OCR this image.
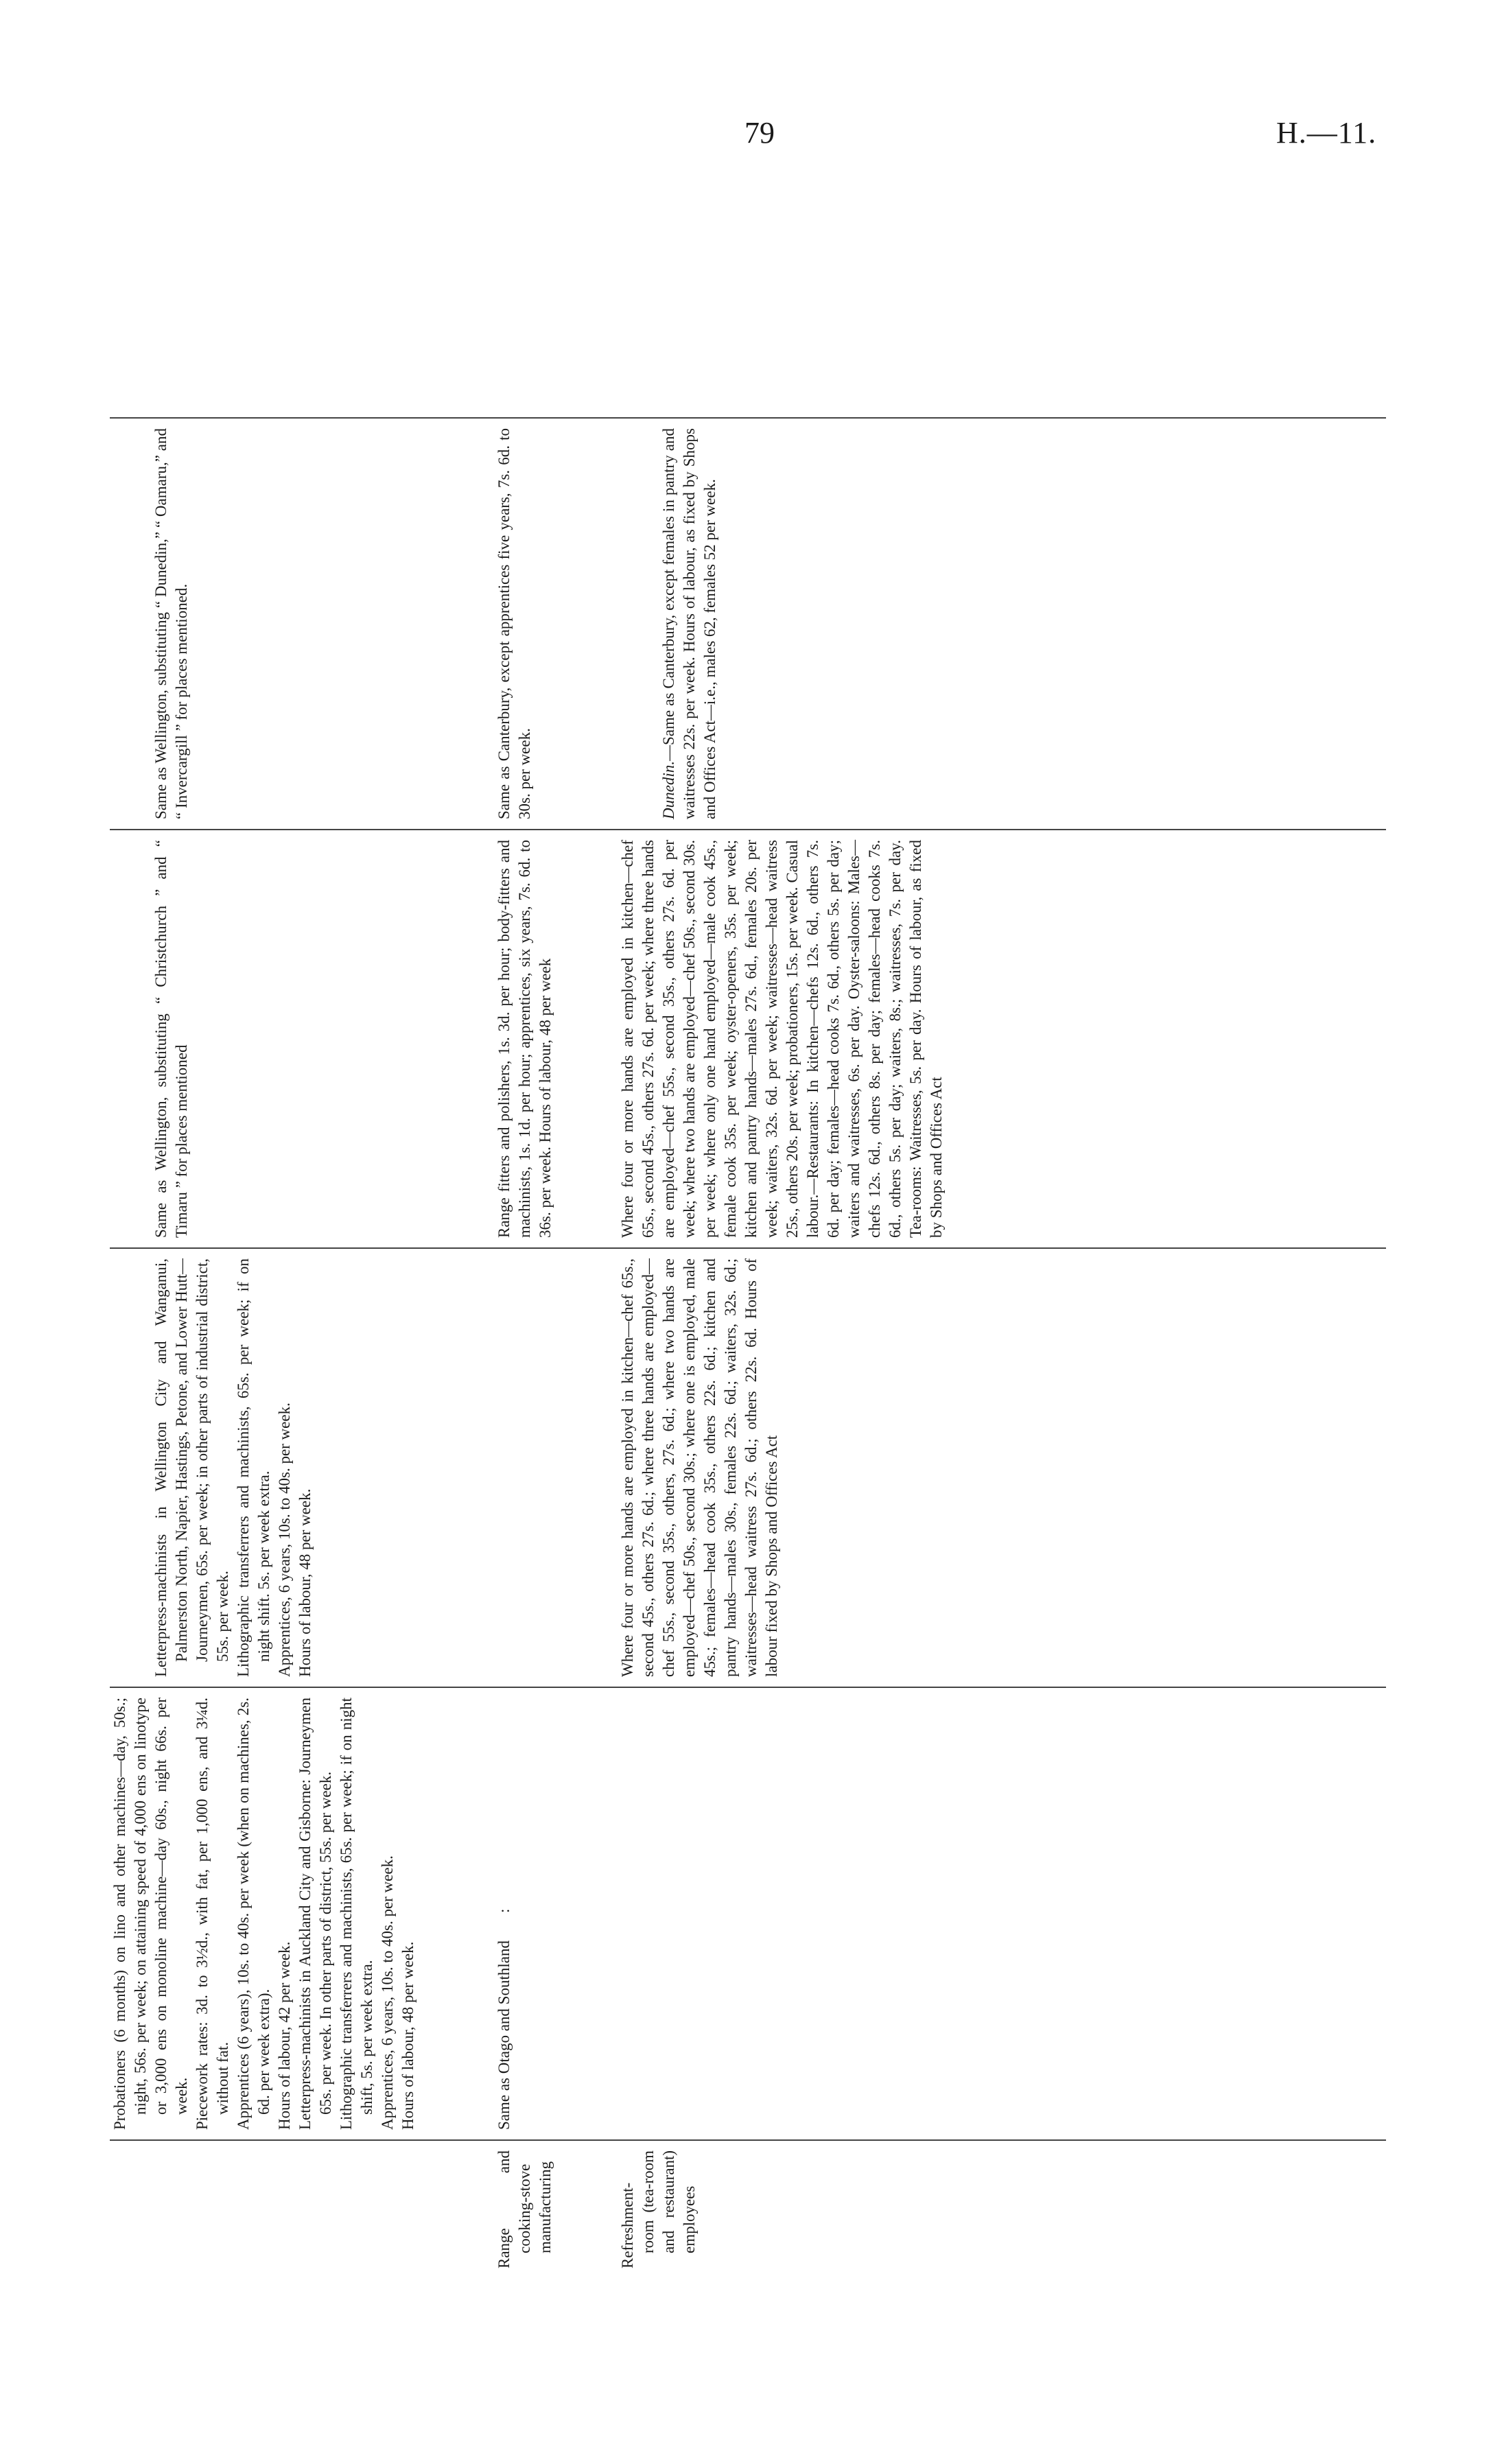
79	H.—11.

Probationers (6 months) on lino and other machines—day, 50s.; night, 56s. per week; on attaining speed of 4,000 ens on linotype or 3,000 ens on monoline machine—day 60s., night 66s. per week. Piecework rates: 3d. to 3½d., with fat, per 1,000 ens, and 3¼d. without fat. Apprentices (6 years), 10s. to 40s. per week (when on machines, 2s. 6d. per week extra). Hours of labour, 42 per week. Letterpress-machinists in Auckland City and Gisborne: Journeymen 65s. per week. In other parts of district, 55s. per week. Lithographic transferrers and machinists, 65s. per week; if on night shift, 5s. per week extra. Apprentices, 6 years, 10s. to 40s. per week. Hours of labour, 48 per week.

Letterpress-machinists in Wellington City and Wanganui, Palmerston North, Napier, Hastings, Petone, and Lower Hutt—Journeymen, 65s. per week; in other parts of industrial district, 55s. per week. Lithographic transferrers and machinists, 65s. per week; if on night shift. 5s. per week extra. Apprentices, 6 years, 10s. to 40s. per week. Hours of labour, 48 per week.

Same as Wellington, substituting “ Christchurch ” and “ Timaru ” for places mentioned

Same as Wellington, substituting “ Dunedin,” “ Oamaru,” and “ Invercargill ” for places mentioned.

Range and cooking-stove manufacturing

Same as Otago and Southland:

Range fitters and polishers, 1s. 3d. per hour; body-fitters and machinists, 1s. 1d. per hour; apprentices, six years, 7s. 6d. to 36s. per week. Hours of labour, 48 per week

Same as Canterbury, except apprentices five years, 7s. 6d. to 30s. per week.

Refreshment-room (tea-room and restaurant) employees

Where four or more hands are employed in kitchen—chef 65s., second 45s., others 27s. 6d.; where three hands are employed—chef 55s., second 35s., others, 27s. 6d.; where two hands are employed—chef 50s., second 30s.; where one is employed, male 45s.; females—head cook 35s., others 22s. 6d.; kitchen and pantry hands—males 30s., females 22s. 6d.; waiters, 32s. 6d.; waitresses—head waitress 27s. 6d.; others 22s. 6d. Hours of labour fixed by Shops and Offices Act

Where four or more hands are employed in kitchen—chef 65s., second 45s., others 27s. 6d. per week; where three hands are employed—chef 55s., second 35s., others 27s. 6d. per week; where two hands are employed—chef 50s., second 30s. per week; where only one hand employed—male cook 45s., female cook 35s. per week; oyster-openers, 35s. per week; kitchen and pantry hands—males 27s. 6d., females 20s. per week; waiters, 32s. 6d. per week; waitresses—head waitress 25s., others 20s. per week; probationers, 15s. per week. Casual labour.—Restaurants: In kitchen—chefs 12s. 6d., others 7s. 6d. per day; females—head cooks 7s. 6d., others 5s. per day; waiters and waitresses, 6s. per day. Oyster-saloons: Males—chefs 12s. 6d., others 8s. per day; females—head cooks 7s. 6d., others 5s. per day; waiters, 8s.; waitresses, 7s. per day. Tea-rooms: Waitresses, 5s. per day. Hours of labour, as fixed by Shops and Offices Act

Dunedin.—Same as Canterbury, except females in pantry and waitresses 22s. per week. Hours of labour, as fixed by Shops and Offices Act—i.e., males 62, females 52 per week.
